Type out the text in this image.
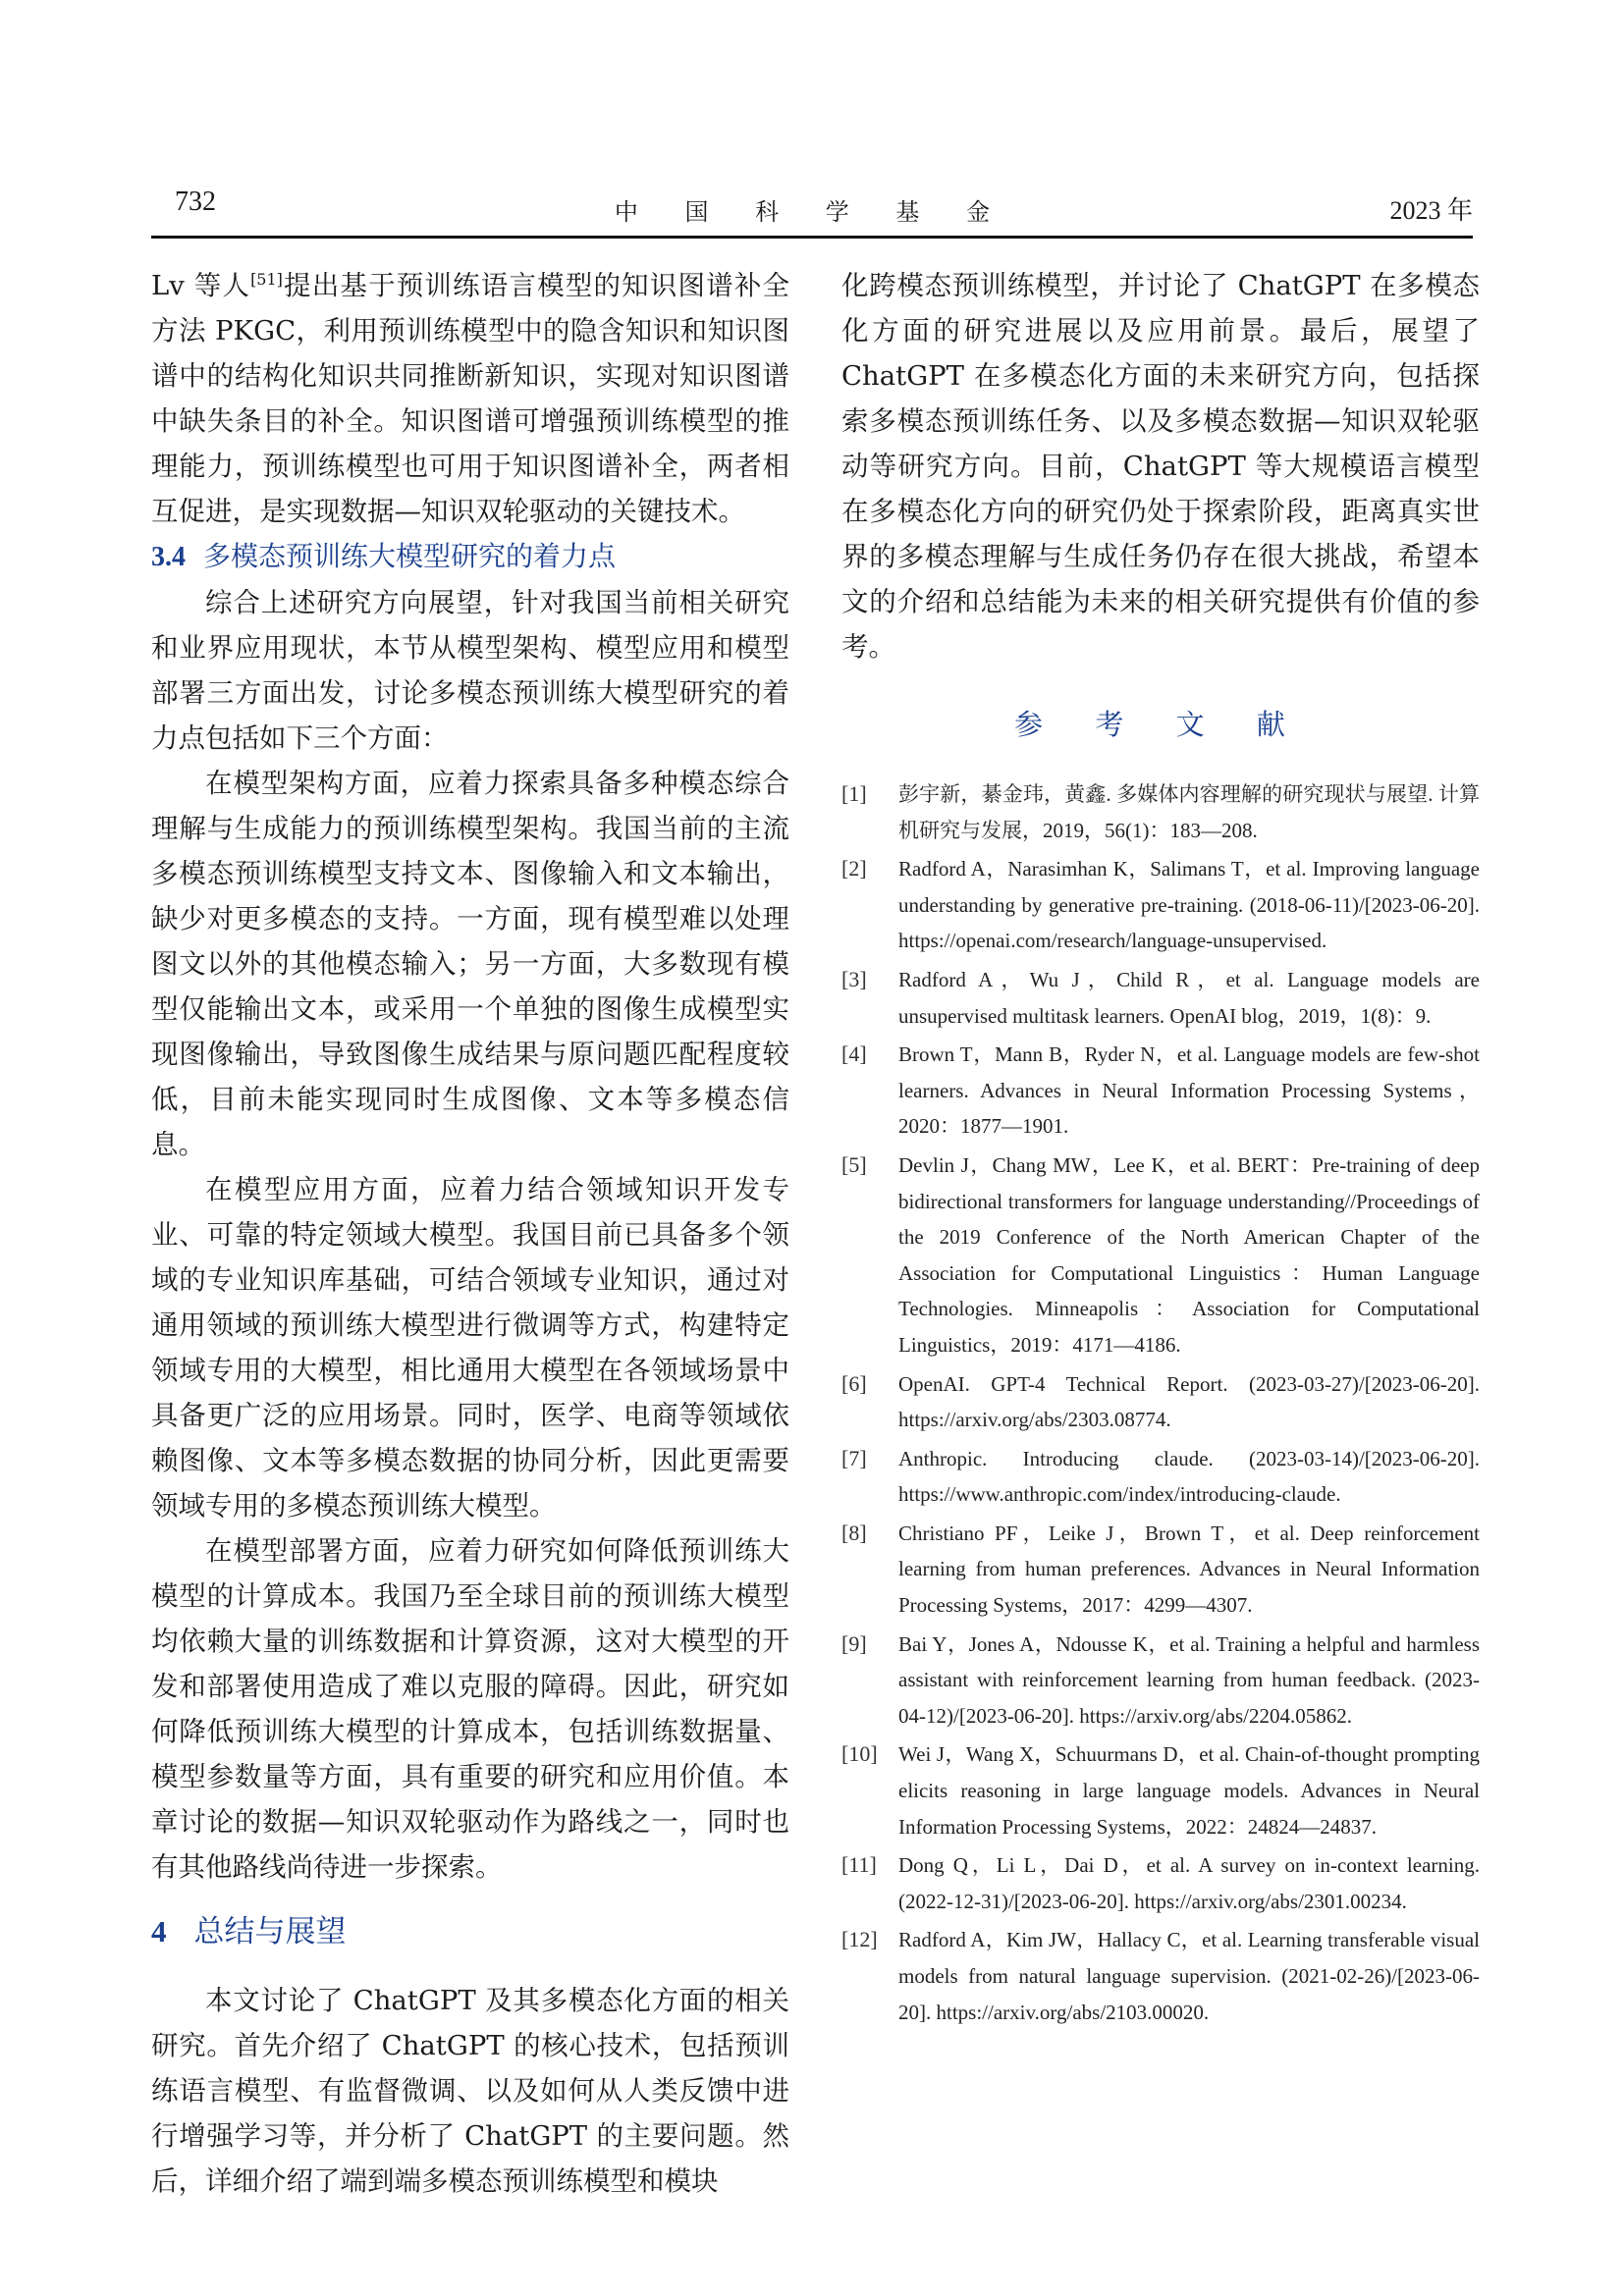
732	中 国 科 学 基 金	2023 年

Lv 等人[51]提出基于预训练语言模型的知识图谱补全方法 PKGC，利用预训练模型中的隐含知识和知识图谱中的结构化知识共同推断新知识，实现对知识图谱中缺失条目的补全。知识图谱可增强预训练模型的推理能力，预训练模型也可用于知识图谱补全，两者相互促进，是实现数据—知识双轮驱动的关键技术。

3.4 多模态预训练大模型研究的着力点

综合上述研究方向展望，针对我国当前相关研究和业界应用现状，本节从模型架构、模型应用和模型部署三方面出发，讨论多模态预训练大模型研究的着力点包括如下三个方面：

在模型架构方面，应着力探索具备多种模态综合理解与生成能力的预训练模型架构。我国当前的主流多模态预训练模型支持文本、图像输入和文本输出，缺少对更多模态的支持。一方面，现有模型难以处理图文以外的其他模态输入；另一方面，大多数现有模型仅能输出文本，或采用一个单独的图像生成模型实现图像输出，导致图像生成结果与原问题匹配程度较低，目前未能实现同时生成图像、文本等多模态信息。

在模型应用方面，应着力结合领域知识开发专业、可靠的特定领域大模型。我国目前已具备多个领域的专业知识库基础，可结合领域专业知识，通过对通用领域的预训练大模型进行微调等方式，构建特定领域专用的大模型，相比通用大模型在各领域场景中具备更广泛的应用场景。同时，医学、电商等领域依赖图像、文本等多模态数据的协同分析，因此更需要领域专用的多模态预训练大模型。

在模型部署方面，应着力研究如何降低预训练大模型的计算成本。我国乃至全球目前的预训练大模型均依赖大量的训练数据和计算资源，这对大模型的开发和部署使用造成了难以克服的障碍。因此，研究如何降低预训练大模型的计算成本，包括训练数据量、模型参数量等方面，具有重要的研究和应用价值。本章讨论的数据—知识双轮驱动作为路线之一，同时也有其他路线尚待进一步探索。

4 总结与展望

本文讨论了 ChatGPT 及其多模态化方面的相关研究。首先介绍了 ChatGPT 的核心技术，包括预训练语言模型、有监督微调、以及如何从人类反馈中进行增强学习等，并分析了 ChatGPT 的主要问题。然后，详细介绍了端到端多模态预训练模型和模块

化跨模态预训练模型，并讨论了 ChatGPT 在多模态化方面的研究进展以及应用前景。最后，展望了 ChatGPT 在多模态化方面的未来研究方向，包括探索多模态预训练任务、以及多模态数据—知识双轮驱动等研究方向。目前，ChatGPT 等大规模语言模型在多模态化方向的研究仍处于探索阶段，距离真实世界的多模态理解与生成任务仍存在很大挑战，希望本文的介绍和总结能为未来的相关研究提供有价值的参考。

参 考 文 献
[1]	彭宇新，綦金玮，黄鑫. 多媒体内容理解的研究现状与展望. 计算机研究与发展，2019，56(1)：183—208.
[2]	Radford A，Narasimhan K，Salimans T，et al. Improving language understanding by generative pre-training. (2018-06-11)/[2023-06-20]. https://openai.com/research/language-unsupervised.
[3]	Radford A，Wu J，Child R，et al. Language models are unsupervised multitask learners. OpenAI blog，2019，1(8)：9.
[4]	Brown T，Mann B，Ryder N，et al. Language models are few-shot learners. Advances in Neural Information Processing Systems，2020：1877—1901.
[5]	Devlin J，Chang MW，Lee K，et al. BERT：Pre-training of deep bidirectional transformers for language understanding//Proceedings of the 2019 Conference of the North American Chapter of the Association for Computational Linguistics：Human Language Technologies. Minneapolis：Association for Computational Linguistics，2019：4171—4186.
[6]	OpenAI. GPT-4 Technical Report. (2023-03-27)/[2023-06-20]. https://arxiv.org/abs/2303.08774.
[7]	Anthropic. Introducing claude. (2023-03-14)/[2023-06-20]. https://www.anthropic.com/index/introducing-claude.
[8]	Christiano PF，Leike J，Brown T，et al. Deep reinforcement learning from human preferences. Advances in Neural Information Processing Systems，2017：4299—4307.
[9]	Bai Y，Jones A，Ndousse K，et al. Training a helpful and harmless assistant with reinforcement learning from human feedback. (2023-04-12)/[2023-06-20]. https://arxiv.org/abs/2204.05862.
[10]	Wei J，Wang X，Schuurmans D，et al. Chain-of-thought prompting elicits reasoning in large language models. Advances in Neural Information Processing Systems，2022：24824—24837.
[11]	Dong Q，Li L，Dai D，et al. A survey on in-context learning. (2022-12-31)/[2023-06-20]. https://arxiv.org/abs/2301.00234.
[12]	Radford A，Kim JW，Hallacy C，et al. Learning transferable visual models from natural language supervision. (2021-02-26)/[2023-06-20]. https://arxiv.org/abs/2103.00020.
